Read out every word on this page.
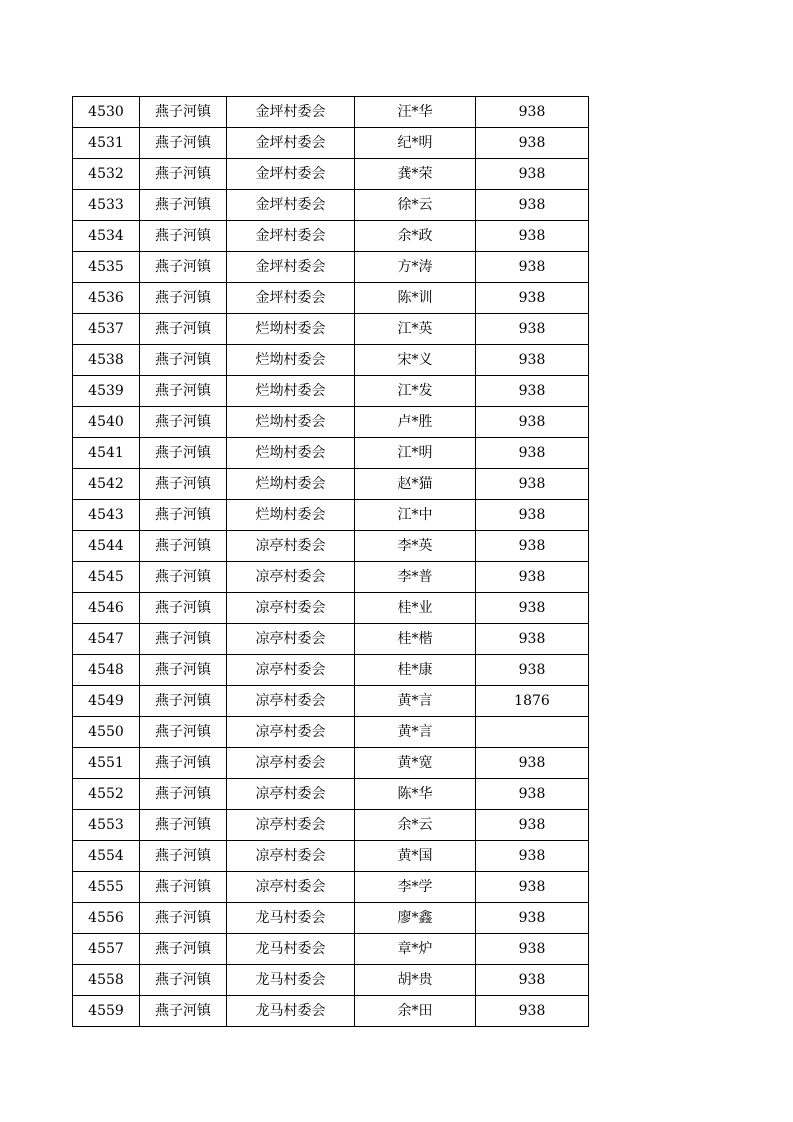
4530	燕子河镇	金坪村委会	汪*华	938
4531	燕子河镇	金坪村委会	纪*明	938
4532	燕子河镇	金坪村委会	龚*荣	938
4533	燕子河镇	金坪村委会	徐*云	938
4534	燕子河镇	金坪村委会	余*政	938
4535	燕子河镇	金坪村委会	方*涛	938
4536	燕子河镇	金坪村委会	陈*训	938
4537	燕子河镇	烂坳村委会	江*英	938
4538	燕子河镇	烂坳村委会	宋*义	938
4539	燕子河镇	烂坳村委会	江*发	938
4540	燕子河镇	烂坳村委会	卢*胜	938
4541	燕子河镇	烂坳村委会	江*明	938
4542	燕子河镇	烂坳村委会	赵*猫	938
4543	燕子河镇	烂坳村委会	江*中	938
4544	燕子河镇	凉亭村委会	李*英	938
4545	燕子河镇	凉亭村委会	李*普	938
4546	燕子河镇	凉亭村委会	桂*业	938
4547	燕子河镇	凉亭村委会	桂*楷	938
4548	燕子河镇	凉亭村委会	桂*康	938
4549	燕子河镇	凉亭村委会	黄*言	1876
4550	燕子河镇	凉亭村委会	黄*言	
4551	燕子河镇	凉亭村委会	黄*宽	938
4552	燕子河镇	凉亭村委会	陈*华	938
4553	燕子河镇	凉亭村委会	余*云	938
4554	燕子河镇	凉亭村委会	黄*国	938
4555	燕子河镇	凉亭村委会	李*学	938
4556	燕子河镇	龙马村委会	廖*鑫	938
4557	燕子河镇	龙马村委会	章*炉	938
4558	燕子河镇	龙马村委会	胡*贵	938
4559	燕子河镇	龙马村委会	余*田	938
